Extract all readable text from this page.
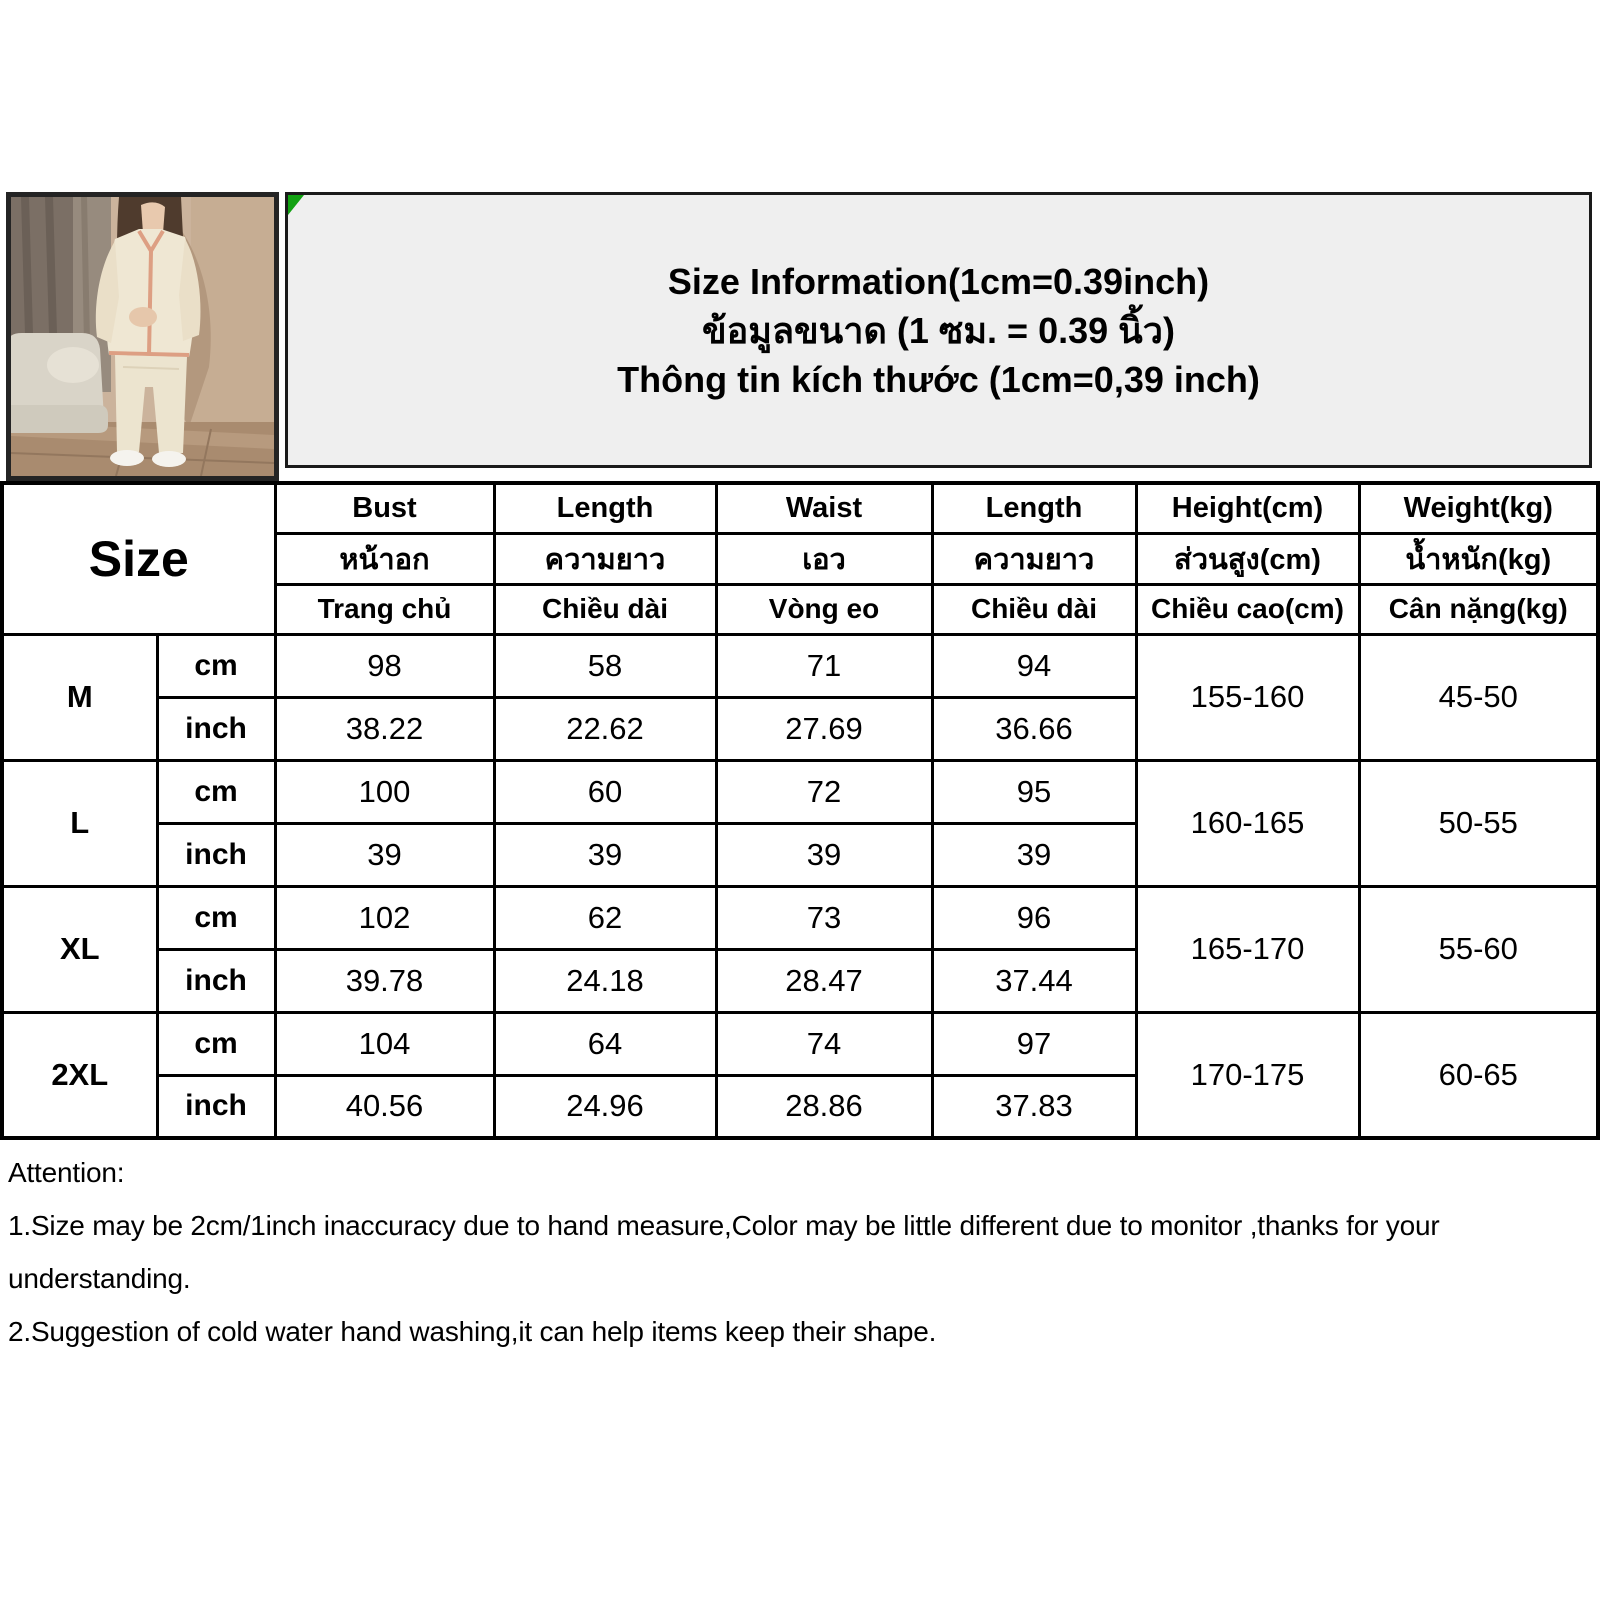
Size Information(1cm=0.39inch)
ข้อมูลขนาด (1 ซม. = 0.39 นิ้ว)
Thông tin kích thước (1cm=0,39 inch)
Size		Bust	Length	Waist	Length	Height(cm)	Weight(kg)
		หน้าอก	ความยาว	เอว	ความยาว	ส่วนสูง(cm)	น้ำหนัก(kg)
		Trang chủ	Chiều dài	Vòng eo	Chiều dài	Chiều cao(cm)	Cân nặng(kg)
M	cm	98	58	71	94	155-160	45-50
	inch	38.22	22.62	27.69	36.66		
L	cm	100	60	72	95	160-165	50-55
	inch	39	39	39	39		
XL	cm	102	62	73	96	165-170	55-60
	inch	39.78	24.18	28.47	37.44		
2XL	cm	104	64	74	97	170-175	60-65
	inch	40.56	24.96	28.86	37.83		
Attention:
1.Size may be 2cm/1inch inaccuracy due to hand measure,Color may be little different due to monitor ,thanks for your understanding.
2.Suggestion of cold water hand washing,it can help items keep their shape.
